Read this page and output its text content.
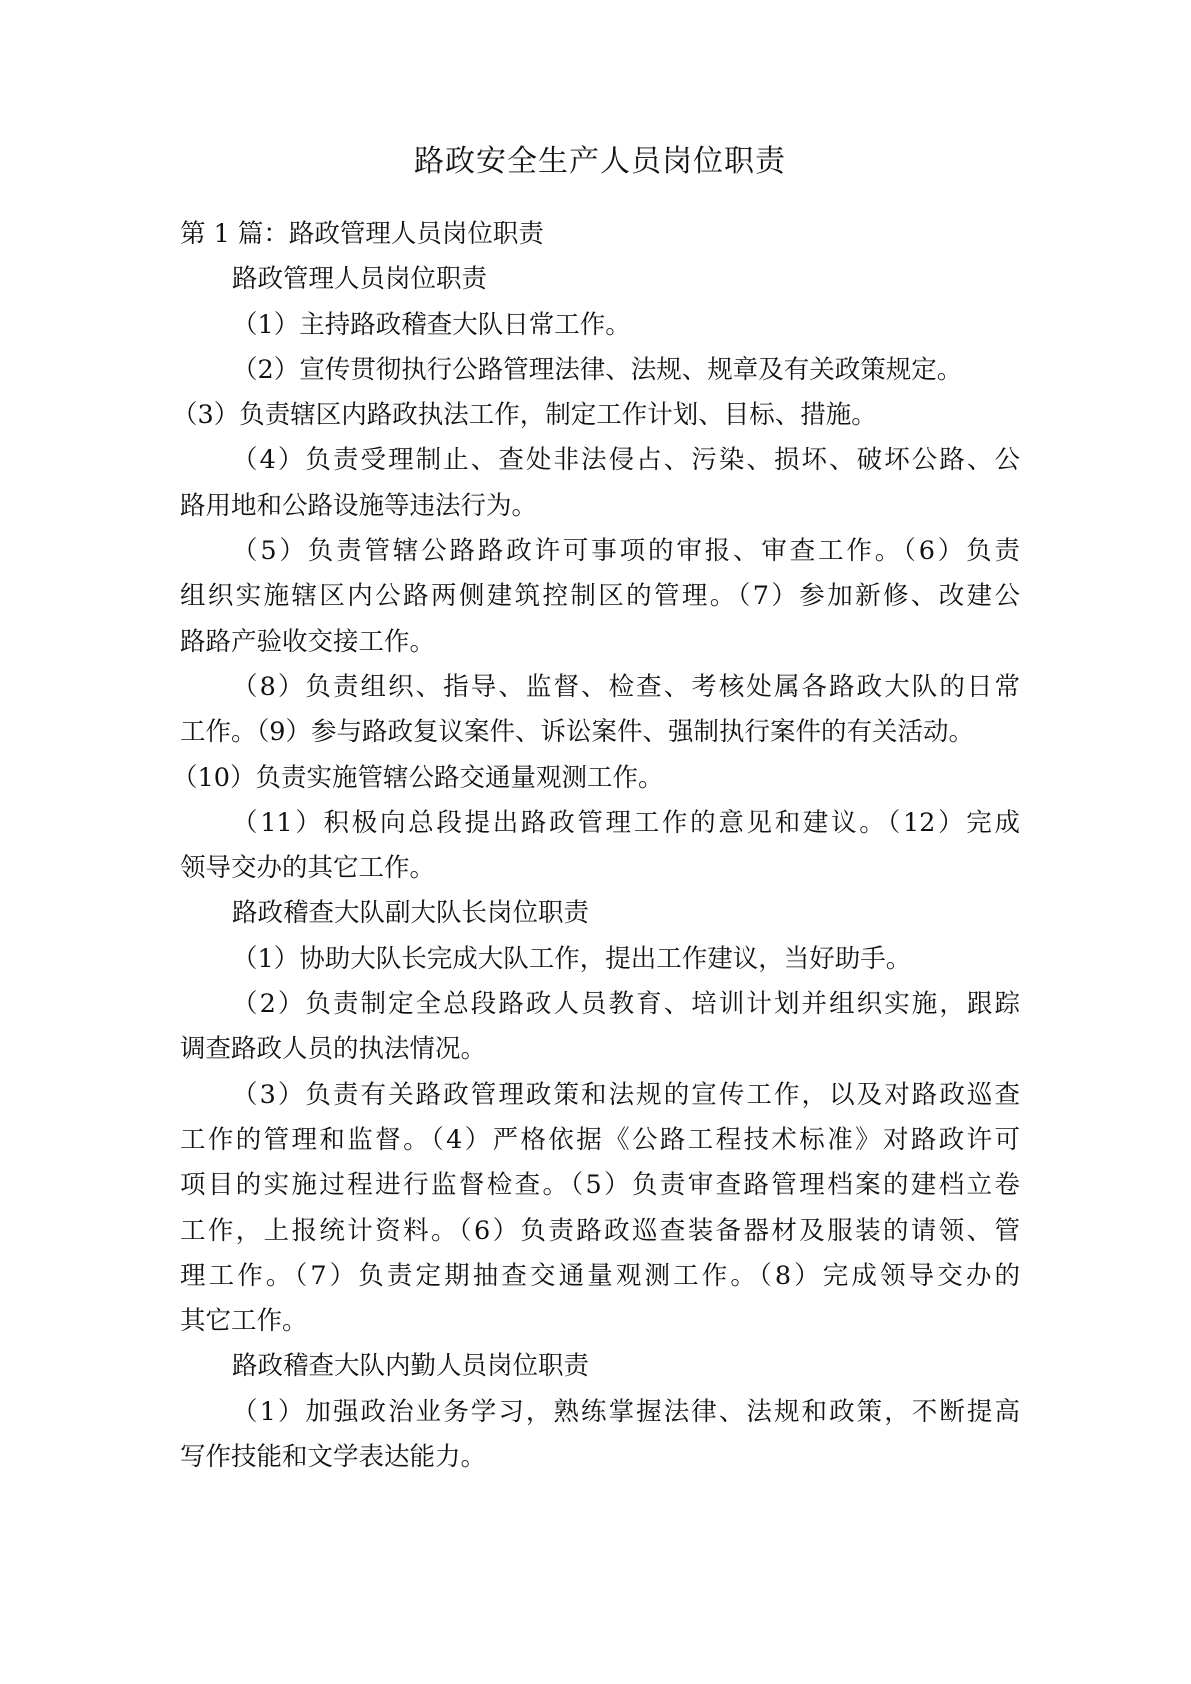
路政安全生产人员岗位职责

第 1 篇：路政管理人员岗位职责

路政管理人员岗位职责

（1）主持路政稽查大队日常工作。

（2）宣传贯彻执行公路管理法律、法规、规章及有关政策规定。

（3）负责辖区内路政执法工作，制定工作计划、目标、措施。

（4）负责受理制止、查处非法侵占、污染、损坏、破坏公路、公

路用地和公路设施等违法行为。

（5）负责管辖公路路政许可事项的审报、审查工作。（6）负责

组织实施辖区内公路两侧建筑控制区的管理。（7）参加新修、改建公

路路产验收交接工作。

（8）负责组织、指导、监督、检查、考核处属各路政大队的日常

工作。（9）参与路政复议案件、诉讼案件、强制执行案件的有关活动。

（10）负责实施管辖公路交通量观测工作。

（11）积极向总段提出路政管理工作的意见和建议。（12）完成

领导交办的其它工作。

路政稽查大队副大队长岗位职责

（1）协助大队长完成大队工作，提出工作建议，当好助手。

（2）负责制定全总段路政人员教育、培训计划并组织实施，跟踪

调查路政人员的执法情况。

（3）负责有关路政管理政策和法规的宣传工作，以及对路政巡查

工作的管理和监督。（4）严格依据《公路工程技术标准》对路政许可

项目的实施过程进行监督检查。（5）负责审查路管理档案的建档立卷

工作，上报统计资料。（6）负责路政巡查装备器材及服装的请领、管

理工作。（7）负责定期抽查交通量观测工作。（8）完成领导交办的

其它工作。

路政稽查大队内勤人员岗位职责

（1）加强政治业务学习，熟练掌握法律、法规和政策，不断提高

写作技能和文学表达能力。
